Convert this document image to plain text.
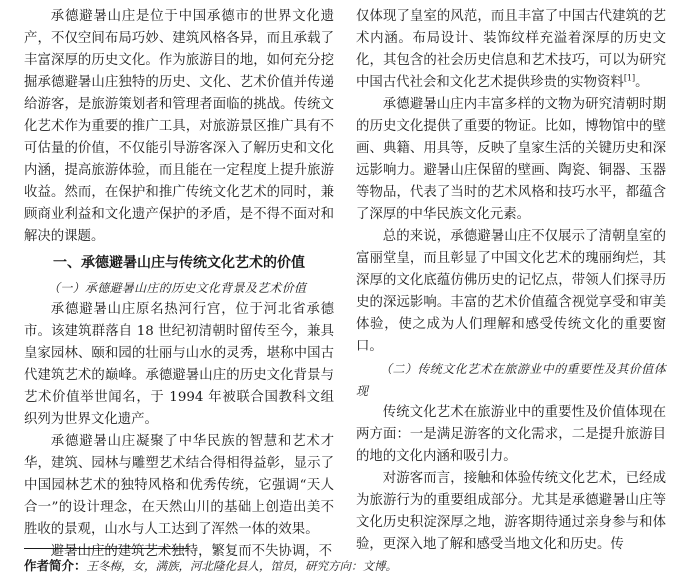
承德避暑山庄是位于中国承德市的世界文化遗产，不仅空间布局巧妙、建筑风格各异，而且承载了丰富深厚的历史文化。作为旅游目的地，如何充分挖掘承德避暑山庄独特的历史、文化、艺术价值并传递给游客，是旅游策划者和管理者面临的挑战。传统文化艺术作为重要的推广工具，对旅游景区推广具有不可估量的价值，不仅能引导游客深入了解历史和文化内涵，提高旅游体验，而且能在一定程度上提升旅游收益。然而，在保护和推广传统文化艺术的同时，兼顾商业利益和文化遗产保护的矛盾，是不得不面对和解决的课题。

一、承德避暑山庄与传统文化艺术的价值
（一）承德避暑山庄的历史文化背景及艺术价值

承德避暑山庄原名热河行宫，位于河北省承德市。该建筑群落自 18 世纪初清朝时留传至今，兼具皇家园林、颐和园的壮丽与山水的灵秀，堪称中国古代建筑艺术的巅峰。承德避暑山庄的历史文化背景与艺术价值举世闻名，于 1994 年被联合国教科文组织列为世界文化遗产。

承德避暑山庄凝聚了中华民族的智慧和艺术才华，建筑、园林与雕塑艺术结合得相得益彰，显示了中国园林艺术的独特风格和优秀传统，它强调“天人合一”的设计理念，在天然山川的基础上创造出美不胜收的景观，山水与人工达到了浑然一体的效果。

避暑山庄的建筑艺术独特，繁复而不失协调，不

仅体现了皇室的风范，而且丰富了中国古代建筑的艺术内涵。布局设计、装饰纹样充溢着深厚的历史文化，其包含的社会历史信息和艺术技巧，可以为研究中国古代社会和文化艺术提供珍贵的实物资料[1]。

承德避暑山庄内丰富多样的文物为研究清朝时期的历史文化提供了重要的物证。比如，博物馆中的壁画、典籍、用具等，反映了皇家生活的关键历史和深远影响力。避暑山庄保留的壁画、陶瓷、铜器、玉器等物品，代表了当时的艺术风格和技巧水平，都蕴含了深厚的中华民族文化元素。

总的来说，承德避暑山庄不仅展示了清朝皇室的富丽堂皇，而且彰显了中国文化艺术的瑰丽绚烂，其深厚的文化底蕴仿佛历史的记忆点，带领人们探寻历史的深远影响。丰富的艺术价值蕴含视觉享受和审美体验，使之成为人们理解和感受传统文化的重要窗口。

（二）传统文化艺术在旅游业中的重要性及其价值体现

传统文化艺术在旅游业中的重要性及价值体现在两方面：一是满足游客的文化需求，二是提升旅游目的地的文化内涵和吸引力。

对游客而言，接触和体验传统文化艺术，已经成为旅游行为的重要组成部分。尤其是承德避暑山庄等文化历史积淀深厚之地，游客期待通过亲身参与和体验，更深入地了解和感受当地文化和历史。传

作者简介：王冬梅，女，满族，河北隆化县人，馆员，研究方向：文博。
